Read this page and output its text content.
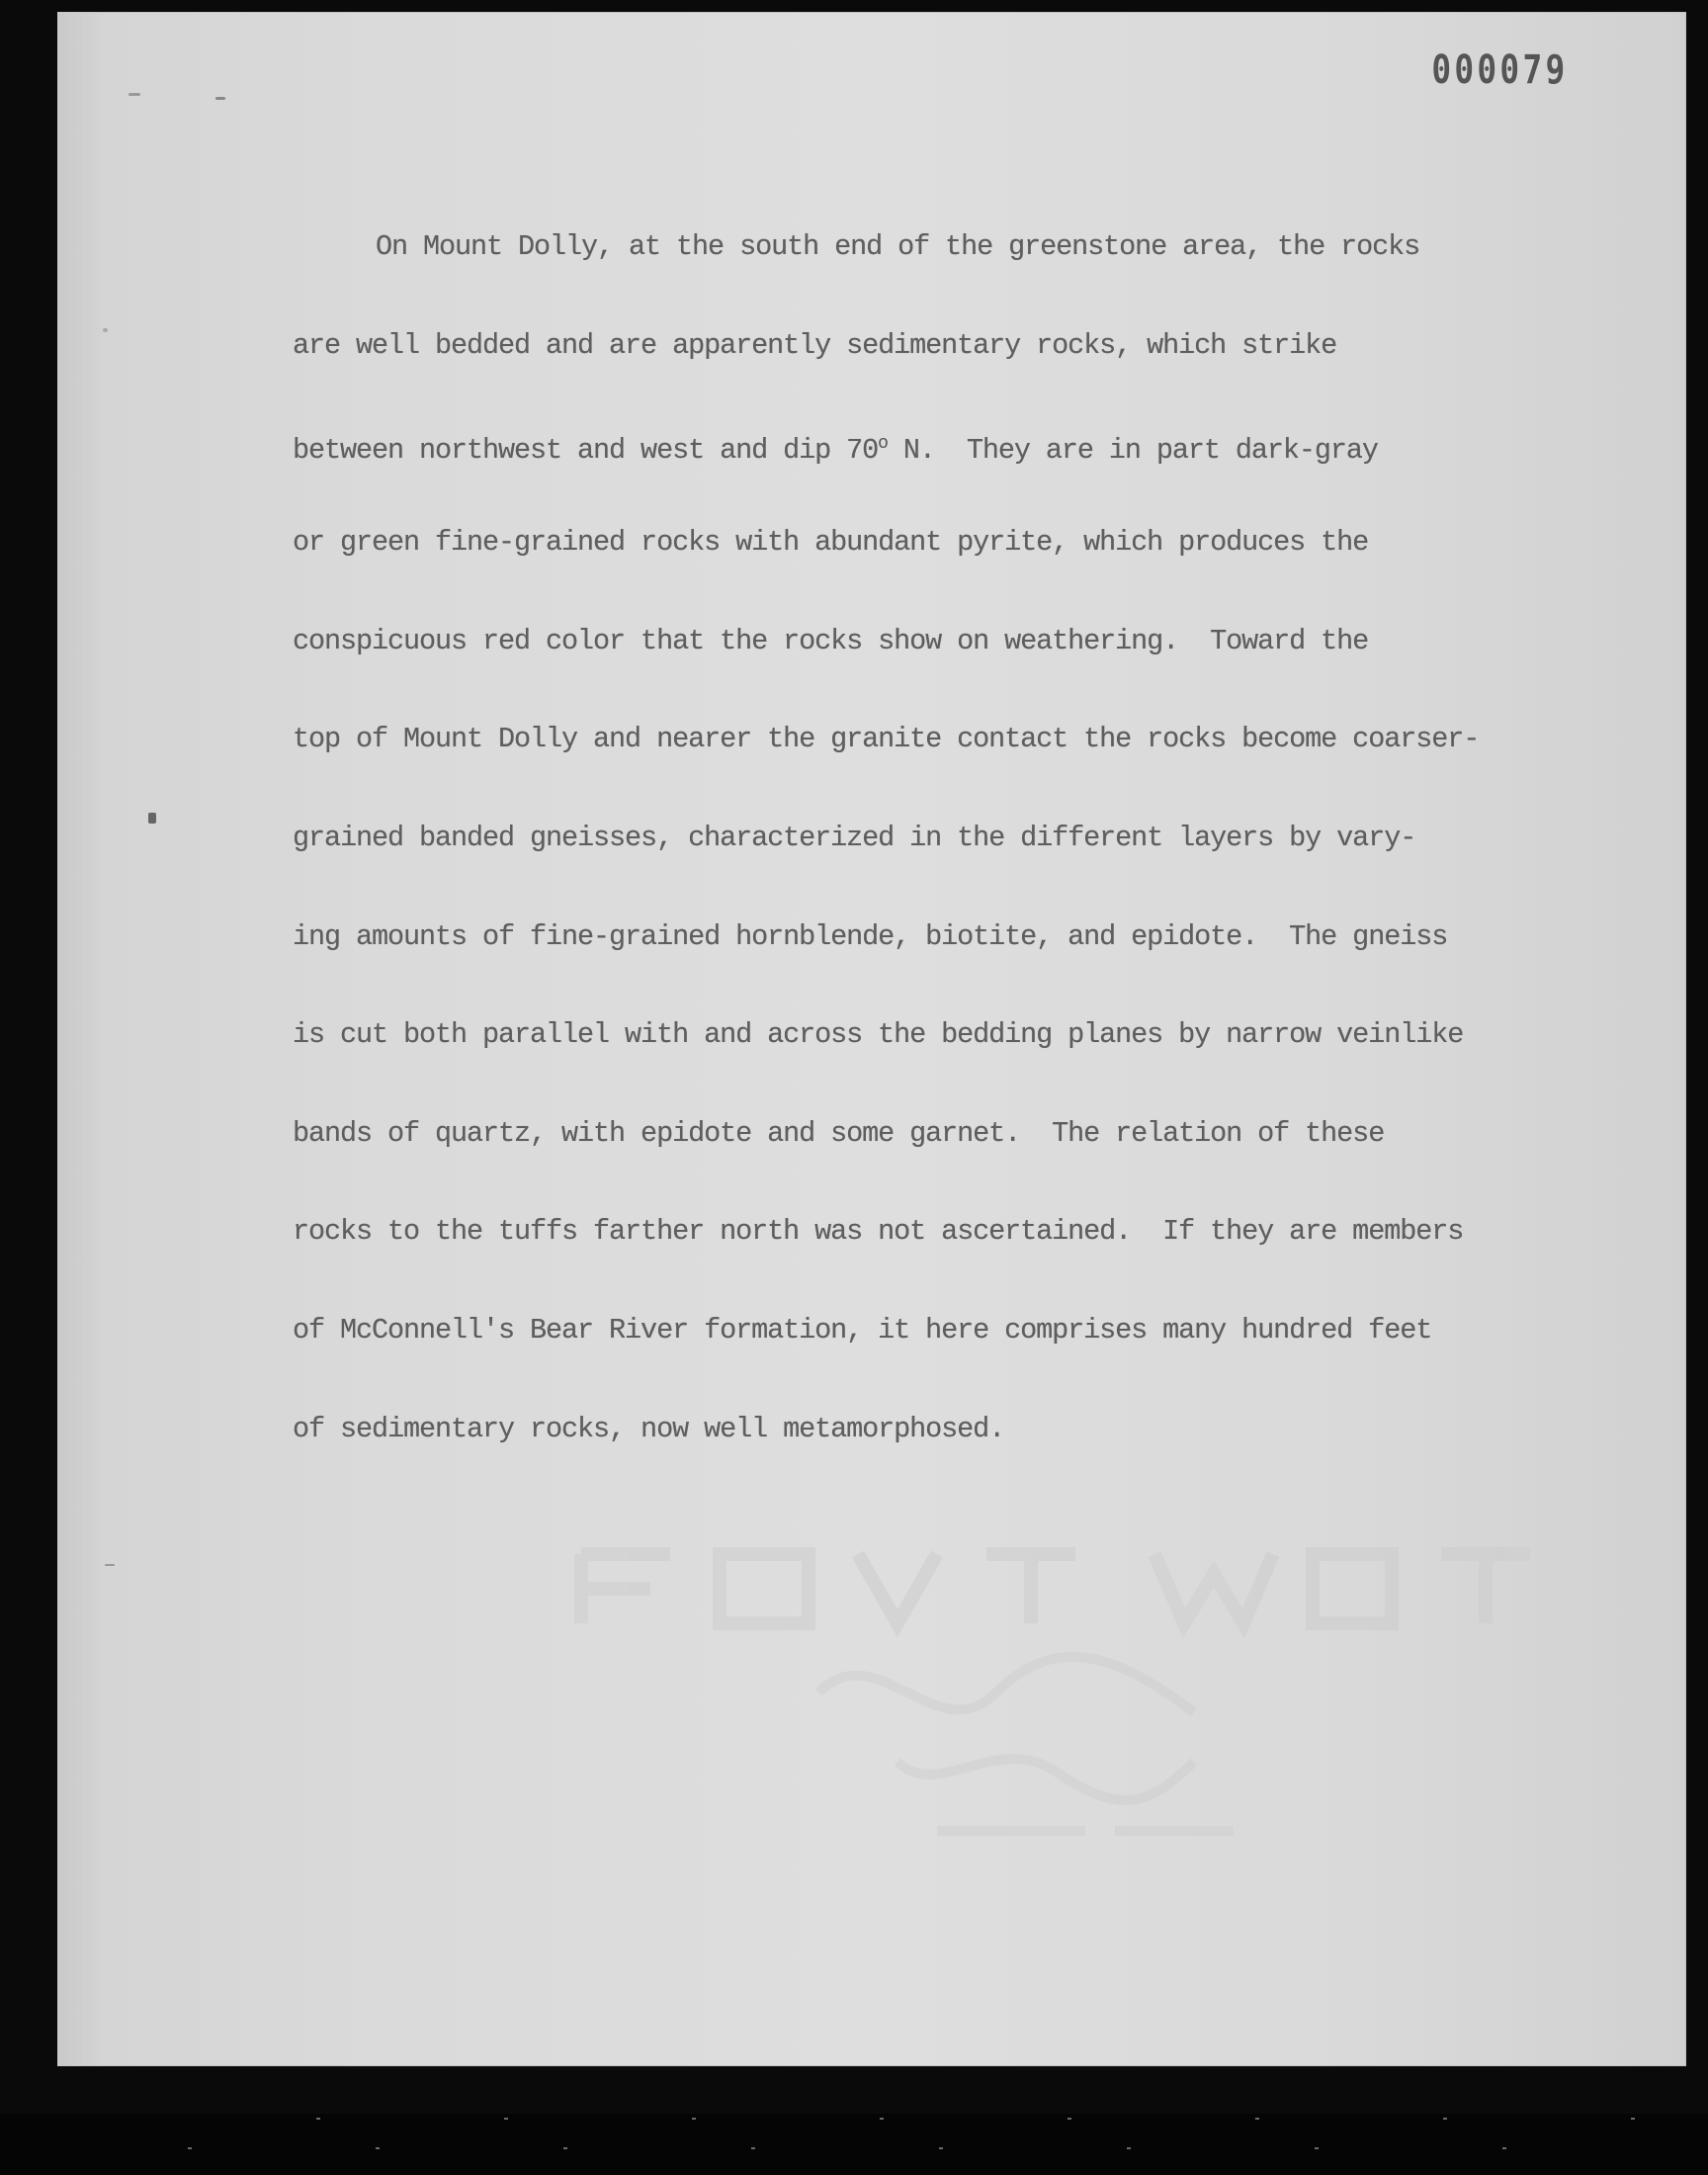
000079

On Mount Dolly, at the south end of the greenstone area, the rocks

are well bedded and are apparently sedimentary rocks, which strike

between northwest and west and dip 70$^o$ N.  They are in part dark-gray

or green fine-grained rocks with abundant pyrite, which produces the

conspicuous red color that the rocks show on weathering.  Toward the

top of Mount Dolly and nearer the granite contact the rocks become coarser-

grained banded gneisses, characterized in the different layers by vary-

ing amounts of fine-grained hornblende, biotite, and epidote.  The gneiss

is cut both parallel with and across the bedding planes by narrow veinlike

bands of quartz, with epidote and some garnet.  The relation of these

rocks to the tuffs farther north was not ascertained.  If they are members

of McConnell's Bear River formation, it here comprises many hundred feet

of sedimentary rocks, now well metamorphosed.
